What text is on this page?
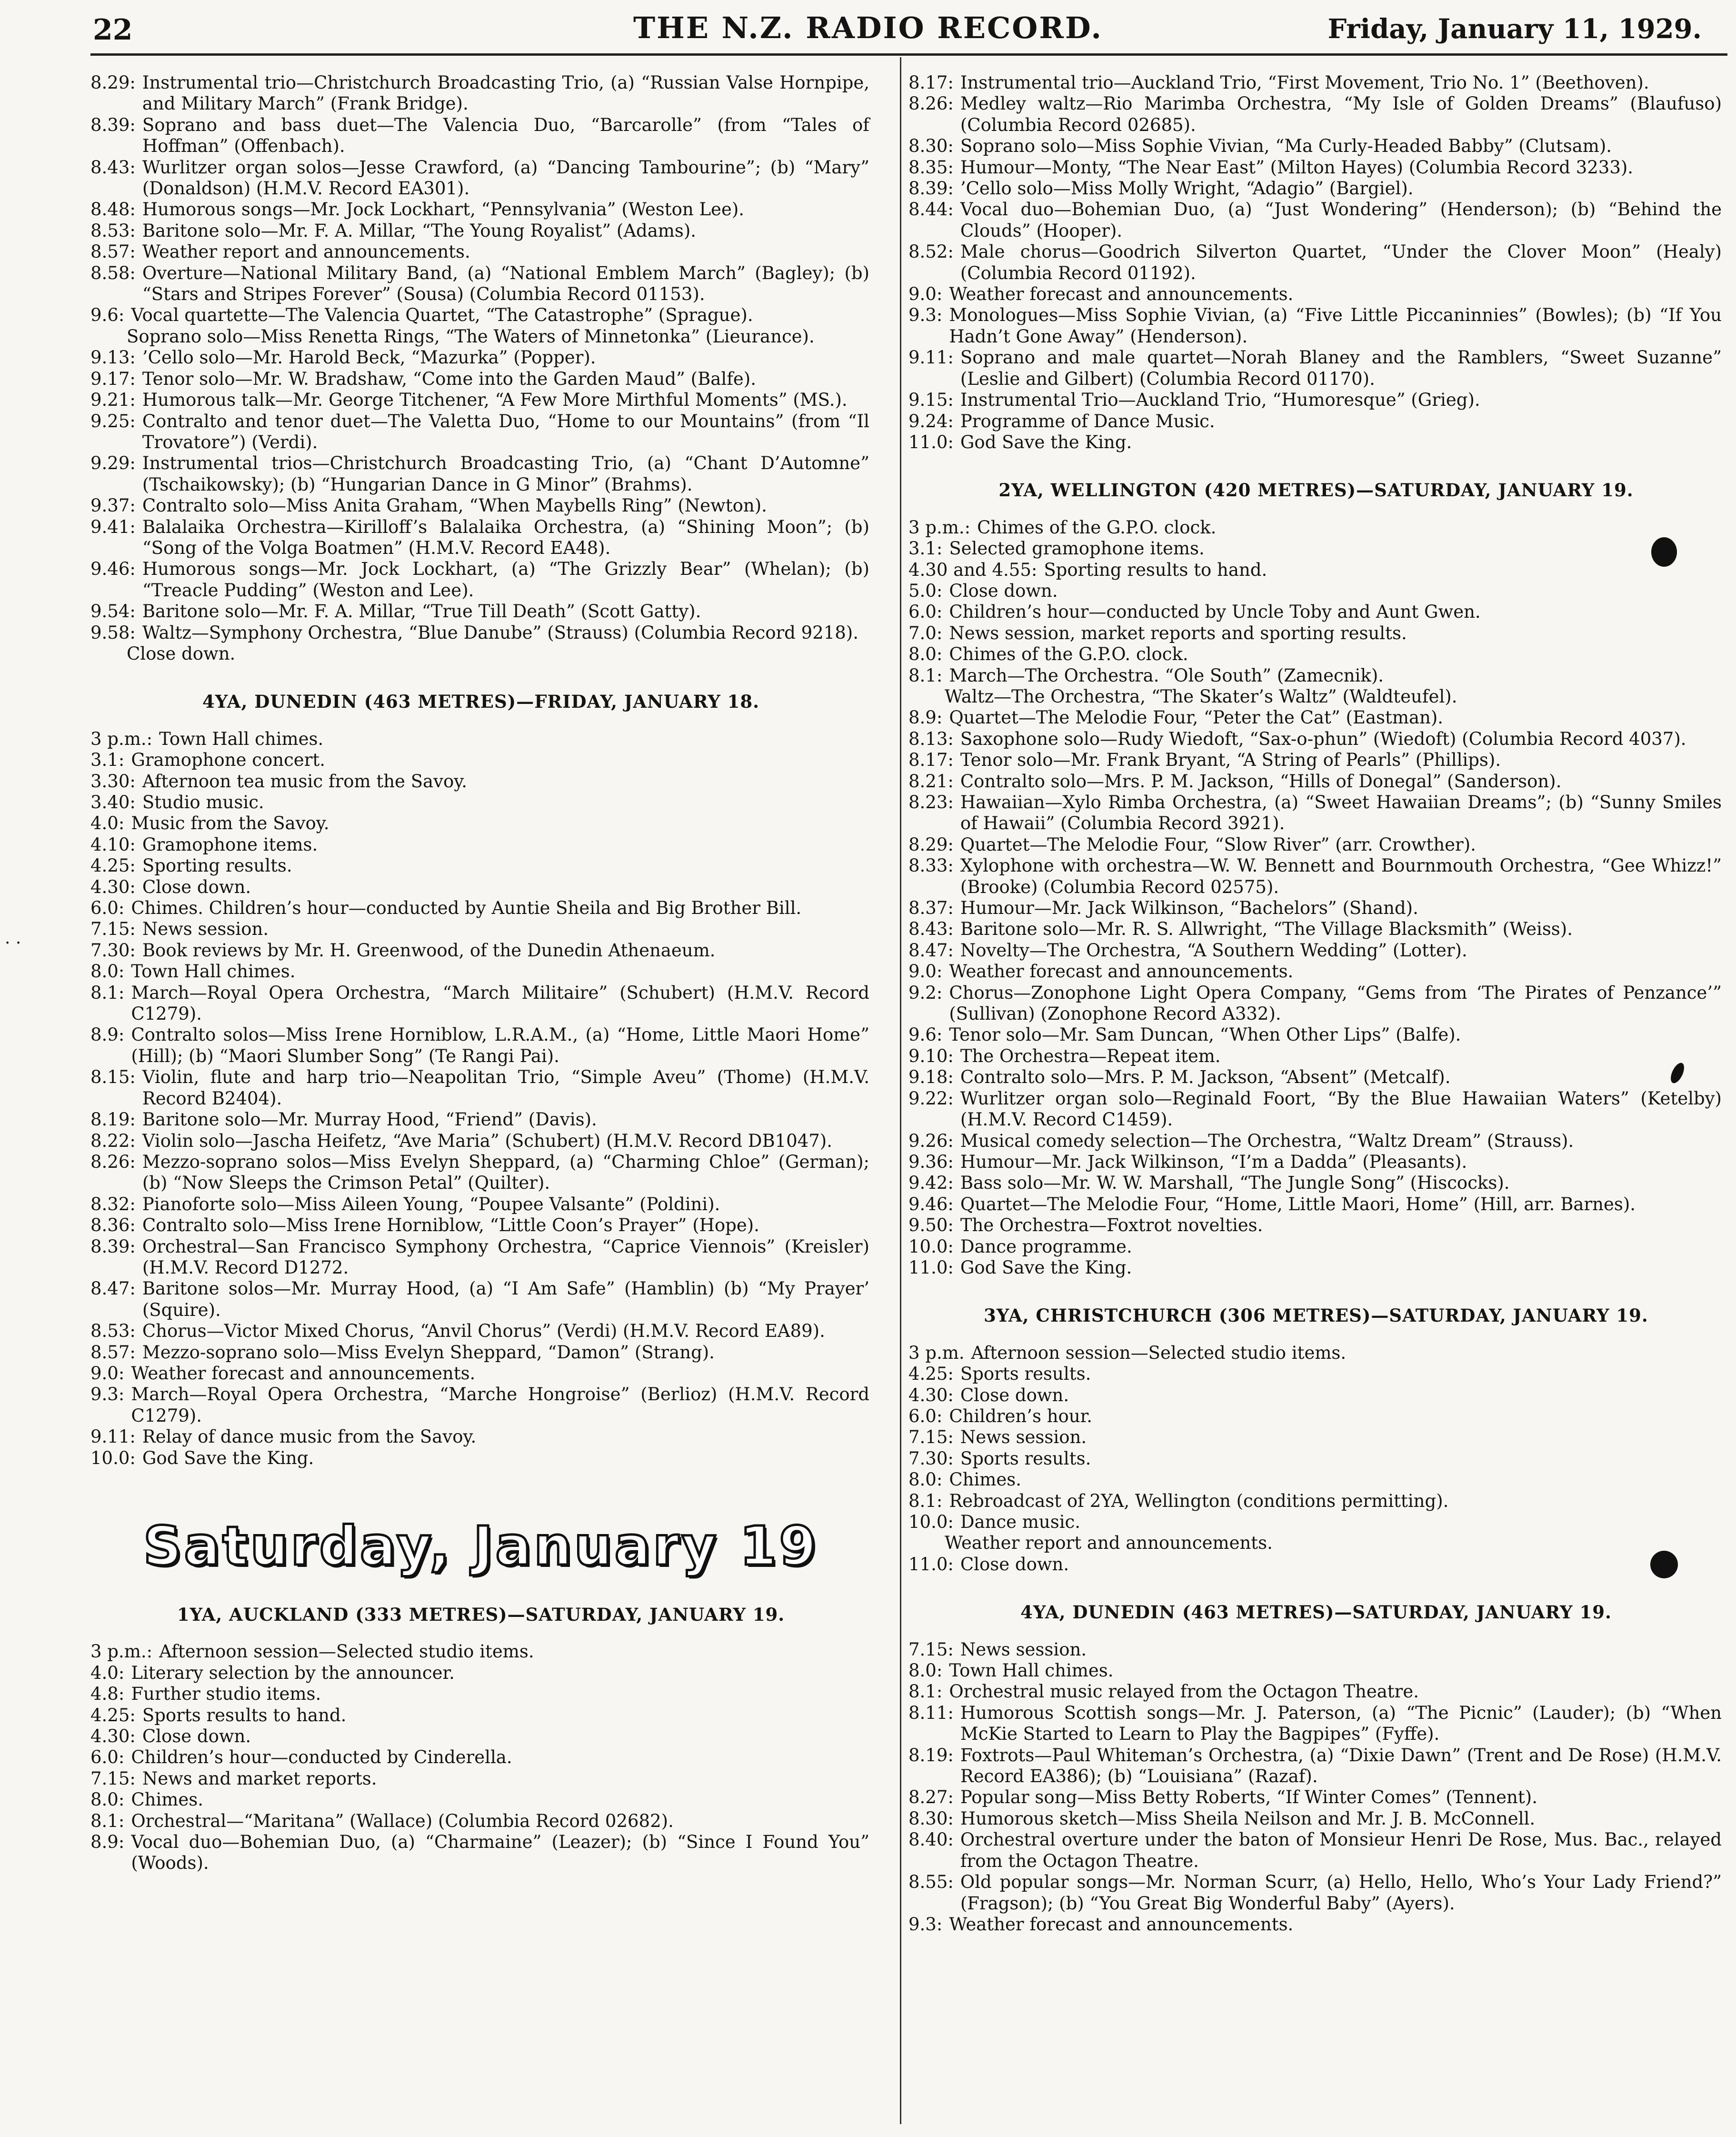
22	THE N.Z. RADIO RECORD.	Friday, January 11, 1929.
8.29: Instrumental trio—Christchurch Broadcasting Trio, (a) “Russian Valse Hornpipe, and Military March” (Frank Bridge).
8.39: Soprano and bass duet—The Valencia Duo, “Barcarolle” (from “Tales of Hoffman” (Offenbach).
8.43: Wurlitzer organ solos—Jesse Crawford, (a) “Dancing Tambourine”; (b) “Mary” (Donaldson) (H.M.V. Record EA301).
8.48: Humorous songs—Mr. Jock Lockhart, “Pennsylvania” (Weston Lee).
8.53: Baritone solo—Mr. F. A. Millar, “The Young Royalist” (Adams).
8.57: Weather report and announcements.
8.58: Overture—National Military Band, (a) “National Emblem March” (Bagley); (b) “Stars and Stripes Forever” (Sousa) (Columbia Record 01153).
9.6: Vocal quartette—The Valencia Quartet, “The Catastrophe” (Sprague).
Soprano solo—Miss Renetta Rings, “The Waters of Minnetonka” (Lieurance).
9.13: ’Cello solo—Mr. Harold Beck, “Mazurka” (Popper).
9.17: Tenor solo—Mr. W. Bradshaw, “Come into the Garden Maud” (Balfe).
9.21: Humorous talk—Mr. George Titchener, “A Few More Mirthful Moments” (MS.).
9.25: Contralto and tenor duet—The Valetta Duo, “Home to our Mountains” (from “Il Trovatore”) (Verdi).
9.29: Instrumental trios—Christchurch Broadcasting Trio, (a) “Chant D’Automne” (Tschaikowsky); (b) “Hungarian Dance in G Minor” (Brahms).
9.37: Contralto solo—Miss Anita Graham, “When Maybells Ring” (Newton).
9.41: Balalaika Orchestra—Kirilloff’s Balalaika Orchestra, (a) “Shining Moon”; (b) “Song of the Volga Boatmen” (H.M.V. Record EA48).
9.46: Humorous songs—Mr. Jock Lockhart, (a) “The Grizzly Bear” (Whelan); (b) “Treacle Pudding” (Weston and Lee).
9.54: Baritone solo—Mr. F. A. Millar, “True Till Death” (Scott Gatty).
9.58: Waltz—Symphony Orchestra, “Blue Danube” (Strauss) (Columbia Record 9218).
Close down.
4YA, DUNEDIN (463 METRES)—FRIDAY, JANUARY 18.
3 p.m.: Town Hall chimes.
3.1: Gramophone concert.
3.30: Afternoon tea music from the Savoy.
3.40: Studio music.
4.0: Music from the Savoy.
4.10: Gramophone items.
4.25: Sporting results.
4.30: Close down.
6.0: Chimes. Children’s hour—conducted by Auntie Sheila and Big Brother Bill.
7.15: News session.
7.30: Book reviews by Mr. H. Greenwood, of the Dunedin Athenaeum.
8.0: Town Hall chimes.
8.1: March—Royal Opera Orchestra, “March Militaire” (Schubert) (H.M.V. Record C1279).
8.9: Contralto solos—Miss Irene Horniblow, L.R.A.M., (a) “Home, Little Maori Home” (Hill); (b) “Maori Slumber Song” (Te Rangi Pai).
8.15: Violin, flute and harp trio—Neapolitan Trio, “Simple Aveu” (Thome) (H.M.V. Record B2404).
8.19: Baritone solo—Mr. Murray Hood, “Friend” (Davis).
8.22: Violin solo—Jascha Heifetz, “Ave Maria” (Schubert) (H.M.V. Record DB1047).
8.26: Mezzo-soprano solos—Miss Evelyn Sheppard, (a) “Charming Chloe” (German); (b) “Now Sleeps the Crimson Petal” (Quilter).
8.32: Pianoforte solo—Miss Aileen Young, “Poupee Valsante” (Poldini).
8.36: Contralto solo—Miss Irene Horniblow, “Little Coon’s Prayer” (Hope).
8.39: Orchestral—San Francisco Symphony Orchestra, “Caprice Viennois” (Kreisler) (H.M.V. Record D1272.
8.47: Baritone solos—Mr. Murray Hood, (a) “I Am Safe” (Hamblin) (b) “My Prayer’ (Squire).
8.53: Chorus—Victor Mixed Chorus, “Anvil Chorus” (Verdi) (H.M.V. Record EA89).
8.57: Mezzo-soprano solo—Miss Evelyn Sheppard, “Damon” (Strang).
9.0: Weather forecast and announcements.
9.3: March—Royal Opera Orchestra, “Marche Hongroise” (Berlioz) (H.M.V. Record C1279).
9.11: Relay of dance music from the Savoy.
10.0: God Save the King.
Saturday, January 19
1YA, AUCKLAND (333 METRES)—SATURDAY, JANUARY 19.
3 p.m.: Afternoon session—Selected studio items.
4.0: Literary selection by the announcer.
4.8: Further studio items.
4.25: Sports results to hand.
4.30: Close down.
6.0: Children’s hour—conducted by Cinderella.
7.15: News and market reports.
8.0: Chimes.
8.1: Orchestral—“Maritana” (Wallace) (Columbia Record 02682).
8.9: Vocal duo—Bohemian Duo, (a) “Charmaine” (Leazer); (b) “Since I Found You” (Woods).
8.17: Instrumental trio—Auckland Trio, “First Movement, Trio No. 1” (Beethoven).
8.26: Medley waltz—Rio Marimba Orchestra, “My Isle of Golden Dreams” (Blaufuso) (Columbia Record 02685).
8.30: Soprano solo—Miss Sophie Vivian, “Ma Curly-Headed Babby” (Clutsam).
8.35: Humour—Monty, “The Near East” (Milton Hayes) (Columbia Record 3233).
8.39: ’Cello solo—Miss Molly Wright, “Adagio” (Bargiel).
8.44: Vocal duo—Bohemian Duo, (a) “Just Wondering” (Henderson); (b) “Behind the Clouds” (Hooper).
8.52: Male chorus—Goodrich Silverton Quartet, “Under the Clover Moon” (Healy) (Columbia Record 01192).
9.0: Weather forecast and announcements.
9.3: Monologues—Miss Sophie Vivian, (a) “Five Little Piccaninnies” (Bowles); (b) “If You Hadn’t Gone Away” (Henderson).
9.11: Soprano and male quartet—Norah Blaney and the Ramblers, “Sweet Suzanne” (Leslie and Gilbert) (Columbia Record 01170).
9.15: Instrumental Trio—Auckland Trio, “Humoresque” (Grieg).
9.24: Programme of Dance Music.
11.0: God Save the King.
2YA, WELLINGTON (420 METRES)—SATURDAY, JANUARY 19.
3 p.m.: Chimes of the G.P.O. clock.
3.1: Selected gramophone items.
4.30 and 4.55: Sporting results to hand.
5.0: Close down.
6.0: Children’s hour—conducted by Uncle Toby and Aunt Gwen.
7.0: News session, market reports and sporting results.
8.0: Chimes of the G.P.O. clock.
8.1: March—The Orchestra. “Ole South” (Zamecnik).
Waltz—The Orchestra, “The Skater’s Waltz” (Waldteufel).
8.9: Quartet—The Melodie Four, “Peter the Cat” (Eastman).
8.13: Saxophone solo—Rudy Wiedoft, “Sax-o-phun” (Wiedoft) (Columbia Record 4037).
8.17: Tenor solo—Mr. Frank Bryant, “A String of Pearls” (Phillips).
8.21: Contralto solo—Mrs. P. M. Jackson, “Hills of Donegal” (Sanderson).
8.23: Hawaiian—Xylo Rimba Orchestra, (a) “Sweet Hawaiian Dreams”; (b) “Sunny Smiles of Hawaii” (Columbia Record 3921).
8.29: Quartet—The Melodie Four, “Slow River” (arr. Crowther).
8.33: Xylophone with orchestra—W. W. Bennett and Bournmouth Orchestra, “Gee Whizz!” (Brooke) (Columbia Record 02575).
8.37: Humour—Mr. Jack Wilkinson, “Bachelors” (Shand).
8.43: Baritone solo—Mr. R. S. Allwright, “The Village Blacksmith” (Weiss).
8.47: Novelty—The Orchestra, “A Southern Wedding” (Lotter).
9.0: Weather forecast and announcements.
9.2: Chorus—Zonophone Light Opera Company, “Gems from ‘The Pirates of Penzance’” (Sullivan) (Zonophone Record A332).
9.6: Tenor solo—Mr. Sam Duncan, “When Other Lips” (Balfe).
9.10: The Orchestra—Repeat item.
9.18: Contralto solo—Mrs. P. M. Jackson, “Absent” (Metcalf).
9.22: Wurlitzer organ solo—Reginald Foort, “By the Blue Hawaiian Waters” (Ketelby) (H.M.V. Record C1459).
9.26: Musical comedy selection—The Orchestra, “Waltz Dream” (Strauss).
9.36: Humour—Mr. Jack Wilkinson, “I’m a Dadda” (Pleasants).
9.42: Bass solo—Mr. W. W. Marshall, “The Jungle Song” (Hiscocks).
9.46: Quartet—The Melodie Four, “Home, Little Maori, Home” (Hill, arr. Barnes).
9.50: The Orchestra—Foxtrot novelties.
10.0: Dance programme.
11.0: God Save the King.
3YA, CHRISTCHURCH (306 METRES)—SATURDAY, JANUARY 19.
3 p.m. Afternoon session—Selected studio items.
4.25: Sports results.
4.30: Close down.
6.0: Children’s hour.
7.15: News session.
7.30: Sports results.
8.0: Chimes.
8.1: Rebroadcast of 2YA, Wellington (conditions permitting).
10.0: Dance music.
Weather report and announcements.
11.0: Close down.
4YA, DUNEDIN (463 METRES)—SATURDAY, JANUARY 19.
7.15: News session.
8.0: Town Hall chimes.
8.1: Orchestral music relayed from the Octagon Theatre.
8.11: Humorous Scottish songs—Mr. J. Paterson, (a) “The Picnic” (Lauder); (b) “When McKie Started to Learn to Play the Bagpipes” (Fyffe).
8.19: Foxtrots—Paul Whiteman’s Orchestra, (a) “Dixie Dawn” (Trent and De Rose) (H.M.V. Record EA386); (b) “Louisiana” (Razaf).
8.27: Popular song—Miss Betty Roberts, “If Winter Comes” (Tennent).
8.30: Humorous sketch—Miss Sheila Neilson and Mr. J. B. McConnell.
8.40: Orchestral overture under the baton of Monsieur Henri De Rose, Mus. Bac., relayed from the Octagon Theatre.
8.55: Old popular songs—Mr. Norman Scurr, (a) Hello, Hello, Who’s Your Lady Friend?” (Fragson); (b) “You Great Big Wonderful Baby” (Ayers).
9.3: Weather forecast and announcements.
· ·
